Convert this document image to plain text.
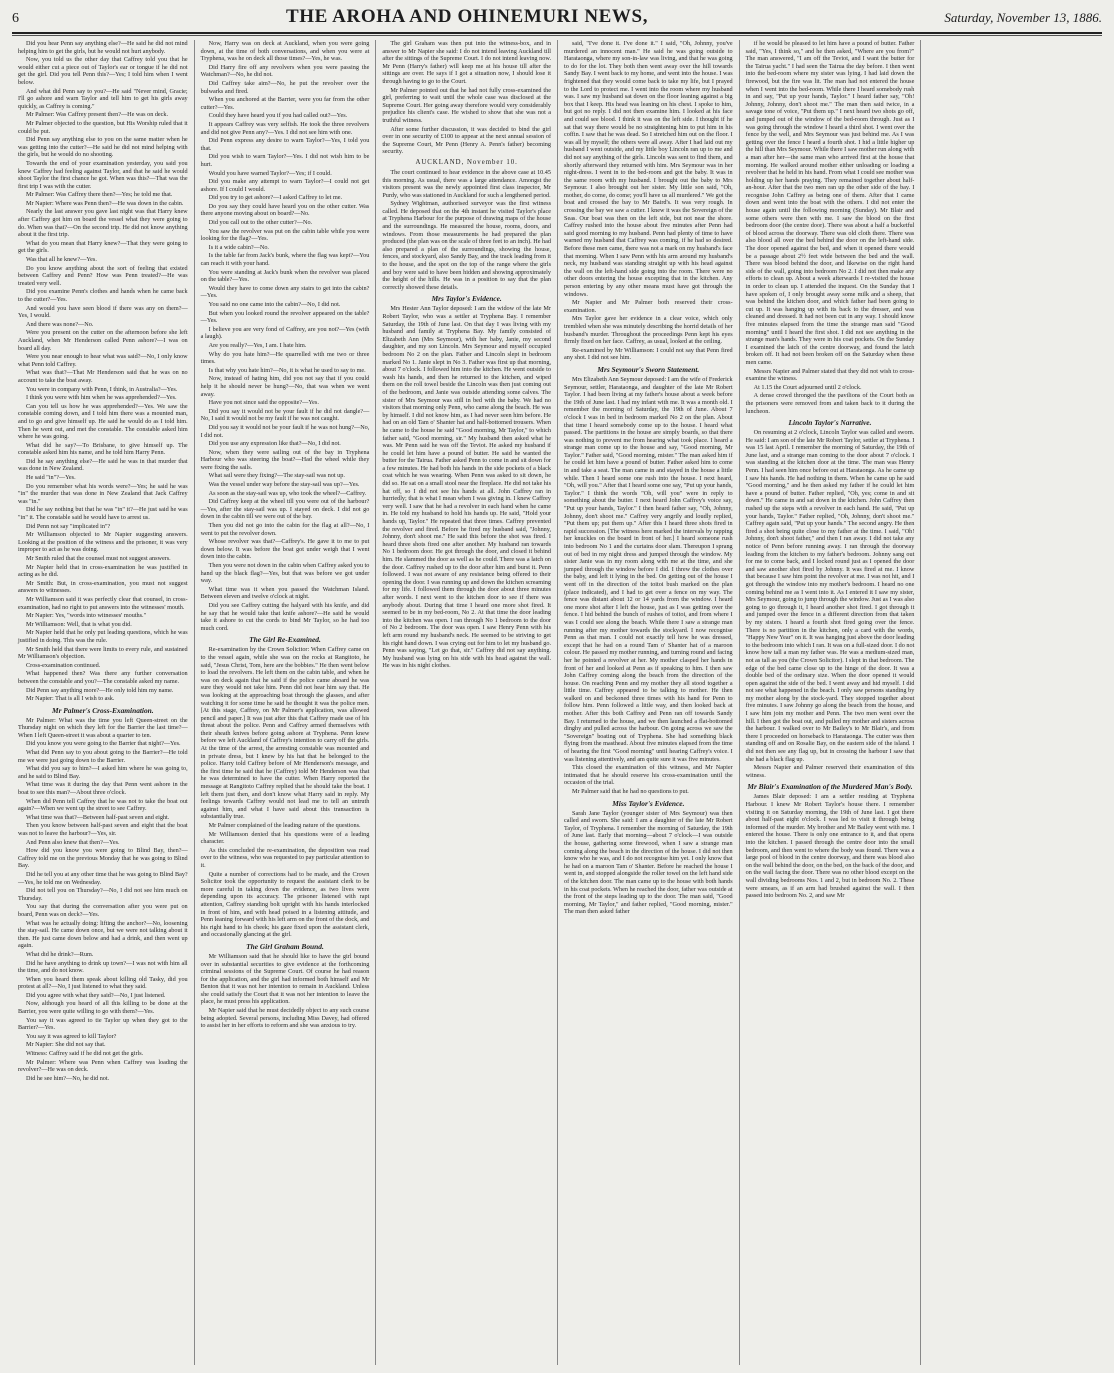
6	THE AROHA AND OHINEMURI NEWS,	Saturday, November 13, 1886.

Did you hear Penn say anything else?—He said he did not mind helping him to get the girls, but he would not hurt anybody.

Now, you told us the other day that Caffrey told you that he would either cut a piece out of Taylor's ear or tongue if he did not get the girl. Did you tell Penn this?—Yes; I told him when I went below.

And what did Penn say to you?—He said "Never mind, Gracie; I'll go ashore and warn Taylor and tell him to get his girls away quickly, as Caffrey is coming."

Mr Palmer: Was Caffrey present then?—He was on deck.

Mr Palmer objected to the question, but His Worship ruled that it could be put.

Did Penn say anything else to you on the same matter when he was getting into the cutter?—He said he did not mind helping with the girls, but he would do no shooting.

Towards the end of your examination yesterday, you said you knew Caffrey had feeling against Taylor, and that he said he would shoot Taylor the first chance he got. When was this?—That was the first trip I was with the cutter.

Mr Palmer: Was Caffrey there then?—Yes; he told me that.

Mr Napier: Where was Penn then?—He was down in the cabin.

Nearly the last answer you gave last night was that Harry knew after Caffrey got him on board the vessel what they were going to do. When was that?—On the second trip. He did not know anything about it the first trip.

What do you mean that Harry knew?—That they were going to get the girls.

Was that all he knew?—Yes.

Do you know anything about the sort of feeling that existed between Caffrey and Penn? How was Penn treated?—He was treated very well.

Did you examine Penn's clothes and hands when he came back to the cutter?—Yes.

And would you have seen blood if there was any on them?—Yes, I would.

And there was none?—No.

Were you present on the cutter on the afternoon before she left Auckland, when Mr Henderson called Penn ashore?—I was on board all day.

Were you near enough to hear what was said?—No, I only know what Penn told Caffrey.

What was that?—That Mr Henderson said that he was on no account to take the boat away.

You were in company with Penn, I think, in Australia?—Yes.

I think you were with him when he was apprehended?—Yes.

Can you tell us how he was apprehended?—Yes. We saw the constable coming down, and I told him there was a mounted man, and to go and give himself up. He said he would do as I told him. Then he went out, and met the constable. The constable asked him where he was going.

What did he say?—To Brisbane, to give himself up. The constable asked him his name, and he told him Harry Penn.

Did he say anything else?—He said he was in that murder that was done in New Zealand.

He said "in"?—Yes.

Do you remember what his words were?—Yes; he said he was "in" the murder that was done in New Zealand that Jack Caffrey was "in."

Did he say nothing but that he was "in" it?—He just said he was "in" it. The constable said he would have to arrest us.

Did Penn not say "implicated in"?

Mr Williamson objected to Mr Napier suggesting answers. Looking at the position of the witness and the prisoner, it was very improper to act as he was doing.

Mr Smith ruled that the counsel must not suggest answers.

Mr Napier held that in cross-examination he was justified in acting as he did.

Mr Smith: But, in cross-examination, you must not suggest answers to witnesses.

Mr Williamson said it was perfectly clear that counsel, in cross-examination, had no right to put answers into the witnesses' mouth.

Mr Napier: Yes, "words into witnesses' mouths."

Mr Williamson: Well, that is what you did.

Mr Napier held that he only put leading questions, which he was justified in doing. This was the rule.

Mr Smith held that there were limits to every rule, and sustained Mr Williamson's objection.

Cross-examination continued.

What happened then? Was there any further conversation between the constable and you?—The constable asked my name.

Did Penn say anything more?—He only told him my name.

Mr Napier: That is all I wish to ask.

Mr Palmer's Cross-Examination.

Mr Palmer: What was the time you left Queen-street on the Thursday night on which they left for the Barrier the last time?—When I left Queen-street it was about a quarter to ten.

Did you know you were going to the Barrier that night?—Yes.

What did Penn say to you about going to the Barrier?—He told me we were just going down to the Barrier.

What did you say to him?—I asked him where he was going to, and he said to Blind Bay.

What time was it during the day that Penn went ashore in the boat to see this man?—About three o'clock.

When did Penn tell Caffrey that he was not to take the boat out again?—When we went up the street to see Caffrey.

What time was that?—Between half-past seven and eight.

Then you know between half-past seven and eight that the boat was not to leave the harbour?—Yes, sir.

And Penn also knew that then?—Yes.

How did you know you were going to Blind Bay, then?—Caffrey told me on the previous Monday that he was going to Blind Bay.

Did he tell you at any other time that he was going to Blind Bay?—Yes, he told me on Wednesday.

Did not tell you on Thursday?—No, I did not see him much on Thursday.

You say that during the conversation after you were put on board, Penn was on deck?—Yes.

What was he actually doing: lifting the anchor?—No, loosening the stay-sail. He came down once, but we were not talking about it then. He just came down below and had a drink, and then went up again.

What did he drink?—Rum.

Did he have anything to drink up town?—I was not with him all the time, and do not know.

When you heard them speak about killing old Tasky, did you protest at all?—No, I just listened to what they said.

Did you agree with what they said?—No, I just listened.

Now, although you heard of all this killing to be done at the Barrier, you were quite willing to go with them?—Yes.

You say it was agreed to tie Taylor up when they got to the Barrier?—Yes.

You say it was agreed to kill Taylor?

Mr Napier: She did not say that.

Witness: Caffrey said if he did not get the girls.

Mr Palmer: Where was Penn when Caffrey was loading the revolver?—He was on deck.

Did he see him?—No, he did not.

Now, Harry was on deck at Auckland, when you were going down, at the time of both conversations, and when you were at Tryphena, was he on deck all those times?—Yes, he was.

Did Harry fire off any revolvers when you were passing the Watchman?—No, he did not.

Did Caffrey take aim?—No, he put the revolver over the bulwarks and fired.

When you anchored at the Barrier, were you far from the other cutter?—Yes.

Could they have heard you if you had called out?—Yes.

It appears Caffrey was very selfish. He took the three revolvers and did not give Penn any?—Yes. I did not see him with one.

Did Penn express any desire to warn Taylor?—Yes, I told you that.

Did you wish to warn Taylor?—Yes. I did not wish him to be hurt.

Would you have warned Taylor?—Yes; if I could.

Did you make any attempt to warn Taylor?—I could not get ashore. If I could I would.

Did you try to get ashore?—I asked Caffrey to let me.

Do you say they could have heard you on the other cutter. Was there anyone moving about on board?—No.

Did you call out to the other cutter?—No.

You saw the revolver was put on the cabin table while you were looking for the flag?—Yes.

Is it a wide cabin?—No.

Is the table far from Jack's bunk, where the flag was kept?—You can reach it with your hand.

You were standing at Jack's bunk when the revolver was placed on the table?—Yes.

Would they have to come down any stairs to get into the cabin?—Yes.

You said no one came into the cabin?—No, I did not.

But when you looked round the revolver appeared on the table?—Yes.

I believe you are very fond of Caffrey, are you not?—Yes (with a laugh).

Are you really?—Yes, I am. I hate him.

Why do you hate him?—He quarrelled with me two or three times.

Is that why you hate him?—No, it is what he used to say to me.

Now, instead of hating him, did you not say that if you could help it he should never be hung?—No, that was when we went away.

Have you not since said the opposite?—Yes.

Did you say it would not be your fault if he did not dangle?—No, I said it would not be my fault if he was not caught.

Did you say it would not be your fault if he was not hung?—No, I did not.

Did you use any expression like that?—No, I did not.

Now, when they were sailing out of the bay in Tryphena Harbour who was steering the boat?—Had the wheel while they were fixing the sails.

What sail were they fixing?—The stay-sail was not up.

Was the vessel under way before the stay-sail was up?—Yes.

As soon as the stay-sail was up, who took the wheel?—Caffrey.

Did Caffrey keep at the wheel till you were out of the harbour?—Yes, after the stay-sail was up. I stayed on deck. I did not go down in the cabin till we were out of the bay.

Then you did not go into the cabin for the flag at all?—No, I went to put the revolver down.

Whose revolver was that?—Caffrey's. He gave it to me to put down below. It was before the boat got under weigh that I went down into the cabin.

Then you were not down in the cabin when Caffrey asked you to hand up the black flag?—Yes, but that was before we got under way.

What time was it when you passed the Watchman Island. Between eleven and twelve o'clock at night.

Did you see Caffrey cutting the halyard with his knife, and did he say that he would take that knife ashore?—He said he would take it ashore to cut the cords to bind Mr Taylor, so he had too much cord.

The Girl Re-Examined.

Re-examination by the Crown Solicitor: When Caffrey came on to the vessel again, while she was on the rocks at Rangitoto, he said, "Jesus Christ, Tom, here are the bobbies." He then went below to load the revolvers. He left them on the cabin table, and when he was on deck again that he said if the police came aboard he was sure they would not take him. Penn did not hear him say that. He was looking at the approaching boat through the glasses, and after watching it for some time he said he thought it was the police men. [At this stage, Caffrey, on Mr Palmer's application, was allowed pencil and paper.] It was just after this that Caffrey made use of his threat about the police. Penn and Caffrey armed themselves with their sheath knives before going ashore at Tryphena. Penn knew before we left Auckland of Caffrey's intention to carry off the girls. At the time of the arrest, the arresting constable was mounted and in private dress, but I knew by his hat that he belonged to the police. Harry told Caffrey before of Mr Henderson's message, and the first time he said that he (Caffrey) told Mr Henderson was that he was determined to have the cutter. When Harry reported the message at Rangitoto Caffrey replied that he should take the boat. I left them just then, and don't know what Harry said in reply. My feelings towards Caffrey would not lead me to tell an untruth against him, and what I have said about this transaction is substantially true.

Mr Palmer complained of the leading nature of the questions.

Mr Williamson denied that his questions were of a leading character.

As this concluded the re-examination, the deposition was read over to the witness, who was requested to pay particular attention to it.

Quite a number of corrections had to be made, and the Crown Solicitor took the opportunity to request the assistant clerk to be more careful in taking down the evidence, as two lives were depending upon its accuracy. The prisoner listened with rapt attention, Caffrey standing bolt upright with his hands interlocked in front of him, and with head poised in a listening attitude, and Penn leaning forward with his left arm on the front of the dock, and his right hand to his cheek; his gaze fixed upon the assistant clerk, and occasionally glancing at the girl.

The Girl Graham Bound.

Mr Williamson said that he should like to have the girl bound over in substantial securities to give evidence at the forthcoming criminal sessions of the Supreme Court. Of course he had reason for the application, and the girl had informed both himself and Mr Benton that it was not her intention to remain in Auckland. Unless she could satisfy the Court that it was not her intention to leave the place, he must press his application.

Mr Napier said that he must decidedly object to any such course being adopted. Several persons, including Miss Davey, had offered to assist her in her efforts to reform and she was anxious to try.

The girl Graham was then put into the witness-box, and in answer to Mr Napier she said: I do not intend leaving Auckland till after the sittings of the Supreme Court. I do not intend leaving now. Mr Penn (Harry's father) will keep me at his house till after the sittings are over. He says if I got a situation now, I should lose it through having to go to the Court.

Mr Palmer pointed out that he had not fully cross-examined the girl, preferring to wait until the whole case was disclosed at the Supreme Court. Her going away therefore would very considerably prejudice his client's case. He wished to show that she was not a truthful witness.

After some further discussion, it was decided to bind the girl over in one security of £100 to appear at the next annual session of the Supreme Court, Mr Penn (Henry A. Penn's father) becoming security.

AUCKLAND, November 10.

The court continued to hear evidence in the above case at 10.45 this morning. As usual, there was a large attendance. Amongst the visitors present was the newly appointed first class inspector, Mr Purdy, who was stationed in Auckland for such a lengthened period.

Sydney Wightman, authorised surveyor was the first witness called. He deposed that on the 4th instant he visited Taylor's place at Tryphena Harbour for the purpose of drawing maps of the house and the surroundings. He measured the house, rooms, doors, and windows. From those measurements he had prepared the plan produced (the plan was on the scale of three feet to an inch). He had also prepared a plan of the surroundings, showing the house, fences, and stockyard, also Sandy Bay, and the track leading from it to the house, and the spot on the top of the range where the girls and boy were said to have been hidden and showing approximately the height of the hills. He was in a position to say that the plan correctly showed these details.

Mrs Taylor's Evidence.

Mrs Hester Ann Taylor deposed: I am the widow of the late Mr Robert Taylor, who was a settler at Tryphena Bay. I remember Saturday, the 19th of June last. On that day I was living with my husband and family at Tryphena Bay. My family consisted of Elizabeth Ann (Mrs Seymour), with her baby, Janie, my second daughter, and my son Lincoln. Mrs Seymour and myself occupied bedroom No 2 on the plan. Father and Lincoln slept in bedroom marked No 1. Janie slept in No 3. Father was first up that morning, about 7 o'clock. I followed him into the kitchen. He went outside to wash his hands, and then he returned to the kitchen, and wiped them on the roll towel beside the Lincoln was then just coming out of the bedroom, and Janie was outside attending some calves. The sister of Mrs Seymour was still in bed with the baby. We had no visitors that morning only Penn, who came along the beach. He was by himself. I did not know him, as I had never seen him before. He had on an old Tam o' Shanter hat and half-bottomed trousers. When he came to the house he said "Good morning, Mr Taylor," to which father said, "Good morning, sir." My husband then asked what he was. Mr Penn said he was off the Teviot. He asked my husband if he could let him have a pound of butter. He said he wanted the butter for the Tairua. Father asked Penn to come in and sit down for a few minutes. He had both his hands in the side pockets of a black coat which he was wearing. When Penn was asked to sit down, he did so. He sat on a small stool near the fireplace. He did not take his hat off, so I did not see his hands at all. John Caffrey ran in hurriedly; that is what I mean when I was giving in. I knew Caffrey very well. I saw that he had a revolver in each hand when he came in. He told my husband to hold his hands up. He said, "Hold your hands up, Taylor." He repeated that three times. Caffrey prevented the revolver and fired. Before he fired my husband said, "Johnny, Johnny, don't shoot me." He said this before the shot was fired. I heard three shots fired one after another. My husband ran towards No 1 bedroom door. He got through the door, and closed it behind him. He slammed the door as well as he could. There was a latch on the door. Caffrey rushed up to the door after him and burst it. Penn followed. I was not aware of any resistance being offered to their opening the door. I was running up and down the kitchen screaming for my life. I followed them through the door about three minutes after words. I next went to the kitchen door to see if there was anybody about. During that time I heard one more shot fired. It seemed to be in my bed-room, No 2. At that time the door leading into the kitchen was open. I ran through No 1 bedroom to the door of No 2 bedroom. The door was open. I saw Henry Penn with his left arm round my husband's neck. He seemed to be striving to get his right hand down. I was crying out for him to let my husband go. Penn was saying, "Let go that, sir." Caffrey did not say anything. My husband was lying on his side with his head against the wall. He was in his night clothes.

said, "I've done it. I've done it." I said, "Oh, Johnny, you've murdered an innocent man." He said he was going outside to Harataonga, where my son-in-law was living, and that he was going to do for the lot. They both then went away over the hill towards Sandy Bay. I went back to my home, and went into the house. I was frightened that they would come back to take my life, but I prayed to the Lord to protect me. I went into the room where my husband was. I saw my husband sat down on the floor leaning against a big box that I keep. His head was leaning on his chest. I spoke to him, but got no reply. I did not then examine him. I looked at his face and could see blood. I think it was on the left side. I thought if he sat that way there would be no straightening him to put him in his coffin. I saw that he was dead. So I stretched him out on the floor. I was all by myself; the others were all away. After I had laid out my husband I went outside, and my little boy Lincoln ran up to me and did not say anything of the girls. Lincoln was sent to find them, and shortly afterward they returned with him. Mrs Seymour was in her night-dress. I went in to the bed-room and got the baby. It was in the same room with my husband. I brought out the baby to Mrs Seymour. I also brought out her sister. My little son said, "Oh, mother, do come, do come; you'll have us all murdered." We got the boat and crossed the bay to Mr Baird's. It was very rough. In crossing the bay we saw a cutter. I knew it was the Sovereign of the Seas. Our boat was then on the left side, but not near the shore. Caffrey rushed into the house about five minutes after Penn had said good morning to my husband. Penn had plenty of time to have warned my husband that Caffrey was coming, if he had so desired. Before these men came, there was not a mark on my husband's face that morning. When I saw Penn with his arm around my husband's neck, my husband was standing straight up with his head against the wall on the left-hand side going into the room. There were no other doors entering the house excepting that in the kitchen. Any person entering by any other means must have got through the windows.

Mr Napier and Mr Palmer both reserved their cross-examination.

Mrs Taylor gave her evidence in a clear voice, which only trembled when she was minutely describing the horrid details of her husband's murder. Throughout the proceedings Penn kept his eyes firmly fixed on her face. Caffrey, as usual, looked at the ceiling.

Re-examined by Mr Williamson: I could not say that Penn fired any shot. I did not see him.

Mrs Seymour's Sworn Statement.

Mrs Elizabeth Ann Seymour deposed: I am the wife of Frederick Seymour, settler, Harataonga, and daughter of the late Mr Robert Taylor. I had been living at my father's house about a week before the 19th of June last. I had my infant with me. It was a month old. I remember the morning of Saturday, the 19th of June. About 7 o'clock I was in bed in bedroom marked No 2 on the plan. About that time I heard somebody come up to the house. I heard what passed. The partitions in the house are simply boards, so that there was nothing to prevent me from hearing what took place. I heard a strange man come up to the house and say, "Good morning, Mr Taylor." Father said, "Good morning, mister." The man asked him if he could let him have a pound of butter. Father asked him to come in and take a seat. The man came in and stayed in the house a little while. Then I heard some one rush into the house. I next heard, "Oh, will you." After that I heard some one say, "Put up your hands, Taylor." I think the words "Oh, will you" were in reply to something about the butter. I next heard John Caffrey's voice say, "Put up your hands, Taylor." I then heard father say, "Oh, Johnny, Johnny, don't shoot me." Caffrey very angrily and loudly replied, "Put them up; put them up." After this I heard three shots fired in rapid succession. [The witness here marked the intervals by rapping her knuckles on the board in front of her.] I heard someone rush into bedroom No 1 and the curtains door slam. Thereupon I sprang out of bed in my night dress and jumped through the window. My sister Janie was in my room along with me at the time, and she jumped through the window before I did. I threw the clothes over the baby, and left it lying in the bed. On getting out of the house I went off in the direction of the toitoi bush marked on the plan (place indicated), and I had to get over a fence on my way. The fence was distant about 12 or 14 yards from the window. I heard one more shot after I left the house, just as I was getting over the fence. I hid behind the bunch of rushes of toitoi, and from where I was I could see along the beach. While there I saw a strange man running after my mother towards the stockyard. I now recognise Penn as that man. I could not exactly tell how he was dressed, except that he had on a round Tam o' Shanter hat of a maroon colour. He passed my mother running, and turning round and facing her he pointed a revolver at her. My mother clasped her hands in front of her and looked at Penn as if speaking to him. I then saw John Caffrey coming along the beach from the direction of the house. On reaching Penn and my mother they all stood together a little time. Caffrey appeared to be talking to mother. He then walked on and beckoned three times with his hand for Penn to follow him. Penn followed a little way, and then looked back at mother. After this both Caffrey and Penn ran off towards Sandy Bay. I returned to the house, and we then launched a flat-bottomed dinghy and pulled across the harbour. On going across we saw the "Sovereign" boating out of Tryphena. She had something black flying from the masthead. About five minutes elapsed from the time of hearing the first "Good morning" until hearing Caffrey's voice. I was listening attentively, and am quite sure it was five minutes.

This closed the examination of this witness, and Mr Napier intimated that he should reserve his cross-examination until the occasion of the trial.

Mr Palmer said that he had no questions to put.

Miss Taylor's Evidence.

Sarah Jane Taylor (younger sister of Mrs Seymour) was then called and sworn. She said: I am a daughter of the late Mr Robert Taylor, of Tryphena. I remember the morning of Saturday, the 19th of June last. Early that morning—about 7 o'clock—I was outside the house, gathering some firewood, when I saw a strange man coming along the beach in the direction of the house. I did not then know who he was, and I do not recognise him yet. I only know that he had on a maroon Tam o' Shanter. Before he reached the house I went in, and stopped alongside the roller towel on the left hand side of the kitchen door. The man came up to the house with both hands in his coat pockets. When he reached the door, father was outside at the front of the steps leading up to the door. The man said, "Good morning, Mr Taylor," and father replied, "Good morning, mister." The man then asked father

if he would be pleased to let him have a pound of butter. Father said, "Yes, I think so," and he then asked, "Where are you from?" The man answered, "I am off the Teviot, and I want the butter for the Tairua yacht." I had seen the Tairua the day before. I then went into the bed-room where my sister was lying. I had laid down the firewood, but the fire was lit. The man had not entered the house when I went into the bed-room. While there I heard somebody rush in and say, "Put up your hands, Taylor." I heard father say, "Oh! Johnny, Johnny, don't shoot me." The man then said twice, in a savage tone of voice, "Put them up." I next heard two shots go off, and jumped out of the window of the bed-room through. Just as I was going through the window I heard a third shot. I went over the fence by the well, and Mrs Seymour was just behind me. As I was getting over the fence I heard a fourth shot. I hid a little higher up the hill than Mrs Seymour. While there I saw mother run along with a man after her—the same man who arrived first at the house that morning. He walked around mother either unloading or loading a revolver that he held in his hand. From what I could see mother was holding up her hands praying. They remained together about half-an-hour. After that the two men ran up the other side of the bay. I recognise John Caffrey as being one of them. After that I came down and went into the boat with the others. I did not enter the house again until the following morning (Sunday). Mr Blair and some others were then with me. I saw the blood on the first bedroom door (the centre door). There was about a half a bucketful of blood across the doorway. There was old cloth there. There was also blood all over the bed behind the door on the left-hand side. The door opened against the bed, and when it opened there would be a passage about 2½ feet wide between the bed and the wall. There was blood behind the door, and likewise on the right hand side of the wall, going into bedroom No 2. I did not then make any efforts to clean up. About a week afterwards I re-visited the house in order to clean up. I attended the inquest. On the Sunday that I have spoken of, I only brought away some milk and a sheep, that was behind the kitchen door, and which father had been going to cut up. It was hanging up with its back to the dresser, and was cleaned and dressed. It had not been cut in any way. I should know five minutes elapsed from the time the strange man said "Good morning" until I heard the first shot. I did not see anything in the strange man's hands. They were in his coat pockets. On the Sunday I examined the latch of the centre doorway, and found the latch broken off. It had not been broken off on the Saturday when these men came.

Messrs Napier and Palmer stated that they did not wish to cross-examine the witness.

At 1.15 the Court adjourned until 2 o'clock.

A dense crowd thronged the the pavilions of the Court both as the prisoners were removed from and taken back to it during the luncheon.

Lincoln Taylor's Narrative.

On resuming at 2 o'clock, Lincoln Taylor was called and sworn. He said: I am son of the late Mr Robert Taylor, settler at Tryphena. I was 15 last April. I remember the morning of Saturday, the 19th of June last, and a strange man coming to the door about 7 o'clock. I was standing at the kitchen door at the time. The man was Henry Penn. I had seen him once before out at Harataonga. As he came up I saw his hands. He had nothing in them. When he came up he said "Good morning," and he then asked my father if he could let him have a pound of butter. Father replied, "Oh, yes; come in and sit down." He came in and sat down in the kitchen. John Caffrey then rushed up the steps with a revolver in each hand. He said, "Put up your hands, Taylor." Father replied, "Oh, Johnny, don't shoot me." Caffrey again said, "Put up your hands." The second angry. He then fired a shot being quite close to my father at the time. I said, "Oh! Johnny, don't shoot father," and then I ran away. I did not take any notice of Penn before running away. I ran through the doorway leading from the kitchen to my father's bedroom. Johnny sang out for me to come back, and I locked round just as I opened the door and saw another shot fired by Johnny. It was fired at me. I know that because I saw him point the revolver at me. I was not hit, and I got through the window into my mother's bedroom. I heard no one coming behind me as I went into it. As I entered it I saw my sister, Mrs Seymour, going to jump through the window. Just as I was also going to go through it, I heard another shot fired. I got through it and jumped over the fence in a different direction from that taken by my sisters. I heard a fourth shot fired going over the fence. There is no partition in the kitchen, only a card with the words, "Happy New Year" on it. It was hanging just above the door leading to the bedroom into which I ran. It was on a full-sized door. I do not know how tall a man my father was. He was a medium-sized man, not as tall as you (the Crown Solicitor). I slept in that bedroom. The edge of the bed came close up to the hinge of the door. It was a double bed of the ordinary size. When the door opened it would open against the side of the bed. I went away and hid myself. I did not see what happened in the beach. I only saw persons standing by my mother along by the stock-yard. They stopped together about five minutes. I saw Johnny go along the beach from the house, and I saw him join my mother and Penn. The two men went over the hill. I then got the boat out, and pulled my mother and sisters across the harbour. I walked over to Mr Bailey's to Mr Blair's, and from there I proceeded on horseback to Harataonga. The cutter was then standing off and on Rosalie Bay, on the eastern side of the island. I did not then see any flag up, but in crossing the harbour I saw that she had a black flag up.

Messrs Napier and Palmer reserved their examination of this witness.

Mr Blair's Examination of the Murdered Man's Body.

James Blair deposed: I am a settler residing at Tryphena Harbour. I knew Mr Robert Taylor's house there. I remember visiting it on Saturday morning, the 19th of June last. I got there about half-past eight o'clock. I was led to visit it through being informed of the murder. My brother and Mr Bailey went with me. I entered the house. There is only one entrance to it, and that opens into the kitchen. I passed through the centre door into the small bedroom, and then went to where the body was found. There was a large pool of blood in the centre doorway, and there was blood also on the wall behind the door, on the bed, on the back of the door, and on the wall facing the door. There was no other blood except on the wall dividing bedrooms Nos. 1 and 2, but in bedroom No. 2. These were smears, as if an arm had brushed against the wall. I then passed into bedroom No. 2, and saw Mr
